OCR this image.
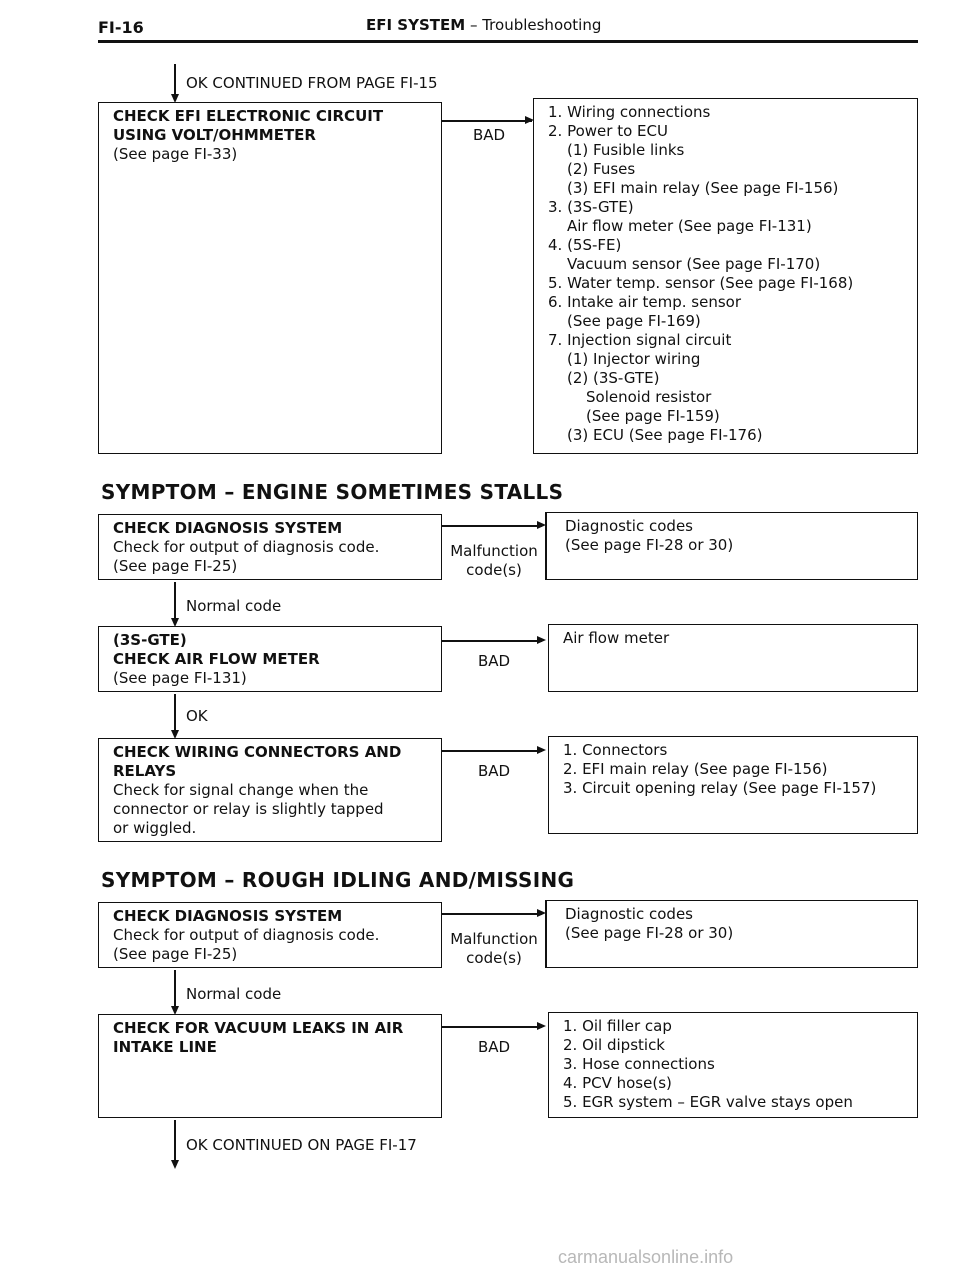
FI-16	EFI SYSTEM – Troubleshooting
OK CONTINUED FROM PAGE FI-15
CHECK EFI ELECTRONIC CIRCUIT
USING VOLT/OHMMETER
(See page FI-33)
BAD
1. Wiring connections
2. Power to ECU
(1) Fusible links
(2) Fuses
(3) EFI main relay (See page FI-156)
3. (3S-GTE)
Air flow meter (See page FI-131)
4. (5S-FE)
Vacuum sensor (See page FI-170)
5. Water temp. sensor (See page FI-168)
6. Intake air temp. sensor
(See page FI-169)
7. Injection signal circuit
(1) Injector wiring
(2) (3S-GTE)
Solenoid resistor
(See page FI-159)
(3) ECU (See page FI-176)
SYMPTOM – ENGINE SOMETIMES STALLS
CHECK DIAGNOSIS SYSTEM
Check for output of diagnosis code.
(See page FI-25)
Malfunction
code(s)
Diagnostic codes
(See page FI-28 or 30)
Normal code
(3S-GTE)
CHECK AIR FLOW METER
(See page FI-131)
BAD
Air flow meter
OK
CHECK WIRING CONNECTORS AND
RELAYS
Check for signal change when the
connector or relay is slightly tapped
or wiggled.
BAD
1. Connectors
2. EFI main relay (See page FI-156)
3. Circuit opening relay (See page FI-157)
SYMPTOM – ROUGH IDLING AND/MISSING
CHECK DIAGNOSIS SYSTEM
Check for output of diagnosis code.
(See page FI-25)
Malfunction
code(s)
Diagnostic codes
(See page FI-28 or 30)
Normal code
CHECK FOR VACUUM LEAKS IN AIR
INTAKE LINE	BAD
1. Oil filler cap
2. Oil dipstick
3. Hose connections
4. PCV hose(s)
5. EGR system – EGR valve stays open
OK CONTINUED ON PAGE FI-17
carmanualsonline.info
